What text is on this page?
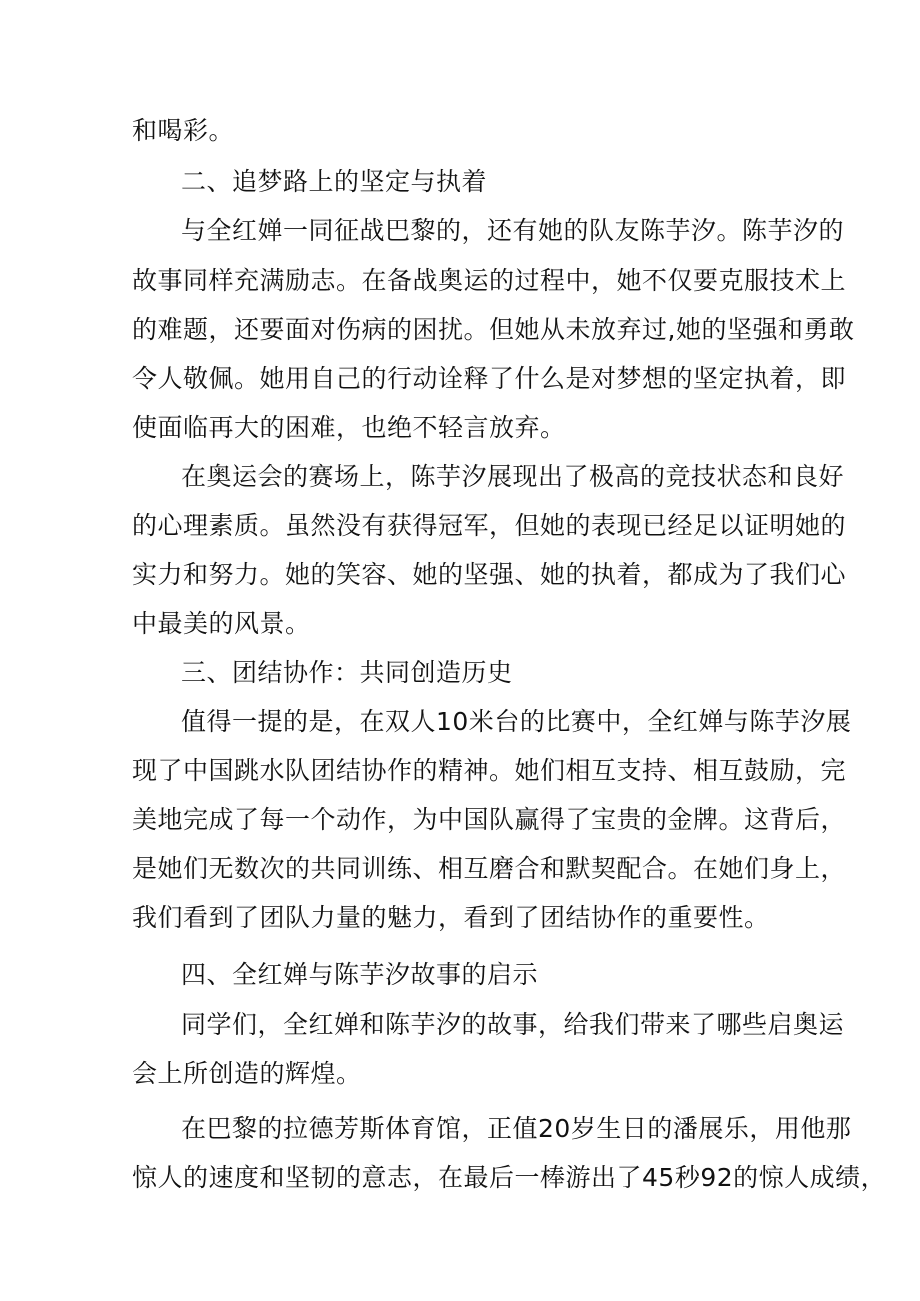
和喝彩。
二、追梦路上的坚定与执着
与全红婵一同征战巴黎的，还有她的队友陈芋汐。陈芋汐的
故事同样充满励志。在备战奥运的过程中，她不仅要克服技术上
的难题，还要面对伤病的困扰。但她从未放弃过,她的坚强和勇敢
令人敬佩。她用自己的行动诠释了什么是对梦想的坚定执着，即
使面临再大的困难，也绝不轻言放弃。
在奥运会的赛场上，陈芋汐展现出了极高的竞技状态和良好
的心理素质。虽然没有获得冠军，但她的表现已经足以证明她的
实力和努力。她的笑容、她的坚强、她的执着，都成为了我们心
中最美的风景。
三、团结协作：共同创造历史
值得一提的是，在双人10米台的比赛中，全红婵与陈芋汐展
现了中国跳水队团结协作的精神。她们相互支持、相互鼓励，完
美地完成了每一个动作，为中国队赢得了宝贵的金牌。这背后，
是她们无数次的共同训练、相互磨合和默契配合。在她们身上，
我们看到了团队力量的魅力，看到了团结协作的重要性。
四、全红婵与陈芋汐故事的启示
同学们，全红婵和陈芋汐的故事，给我们带来了哪些启奥运
会上所创造的辉煌。
在巴黎的拉德芳斯体育馆，正值20岁生日的潘展乐，用他那
惊人的速度和坚韧的意志，在最后一棒游出了45秒92的惊人成绩，
